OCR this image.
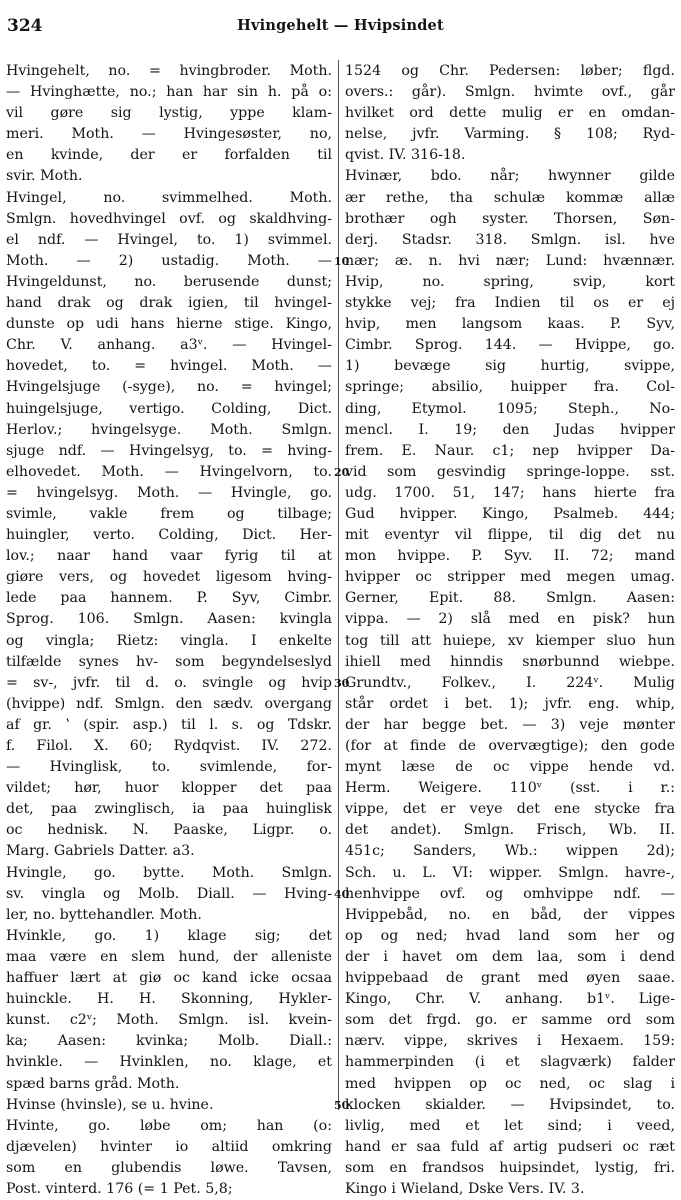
324	Hvingehelt — Hvipsindet
Hvingehelt, no. = hvingbroder. Moth.
— Hvinghætte, no.; han har sin h. på o:
vil gøre sig lystig, yppe klam-
meri. Moth. — Hvingesøster, no,
en kvinde, der er forfalden til
svir. Moth.
Hvingel, no. svimmelhed. Moth.
Smlgn. hovedhvingel ovf. og skaldhving-
el ndf. — Hvingel, to. 1) svimmel.
Moth. — 2) ustadig. Moth. —
Hvingeldunst, no. berusende dunst;
hand drak og drak igien, til hvingel-
dunste op udi hans hierne stige. Kingo,
Chr. V. anhang. a3ᵛ. — Hvingel-
hovedet, to. = hvingel. Moth. —
Hvingelsjuge (-syge), no. = hvingel;
huingelsjuge, vertigo. Colding, Dict.
Herlov.; hvingelsyge. Moth. Smlgn.
sjuge ndf. — Hvingelsyg, to. = hving-
elhovedet. Moth. — Hvingelvorn, to.
= hvingelsyg. Moth. — Hvingle, go.
svimle, vakle frem og tilbage;
huingler, verto. Colding, Dict. Her-
lov.; naar hand vaar fyrig til at
giøre vers, og hovedet ligesom hving-
lede paa hannem. P. Syv, Cimbr.
Sprog. 106. Smlgn. Aasen: kvingla
og vingla; Rietz: vingla. I enkelte
tilfælde synes hv- som begyndelseslyd
= sv-, jvfr. til d. o. svingle og hvip
(hvippe) ndf. Smlgn. den sædv. overgang
af gr. ʽ (spir. asp.) til l. s. og Tdskr.
f. Filol. X. 60; Rydqvist. IV. 272.
— Hvinglisk, to. svimlende, for-
vildet; hør, huor klopper det paa
det, paa zwinglisch, ia paa huinglisk
oc hednisk. N. Paaske, Ligpr. o.
Marg. Gabriels Datter. a3.
Hvingle, go. bytte. Moth. Smlgn.
sv. vingla og Molb. Diall. — Hving-
ler, no. byttehandler. Moth.
Hvinkle, go. 1) klage sig; det
maa være en slem hund, der alleniste
haffuer lært at giø oc kand icke ocsaa
huinckle. H. H. Skonning, Hykler-
kunst. c2ᵛ; Moth. Smlgn. isl. kvein-
ka; Aasen: kvinka; Molb. Diall.:
hvinkle. — Hvinklen, no. klage, et
spæd barns gråd. Moth.
Hvinse (hvinsle), se u. hvine.
Hvinte, go. løbe om; han (o:
djævelen) hvinter io altiid omkring
som en glubendis løwe. Tavsen,
Post. vinterd. 176 (= 1 Pet. 5,8;
1524 og Chr. Pedersen: løber; flgd.
overs.: går). Smlgn. hvimte ovf., går
hvilket ord dette mulig er en omdan-
nelse, jvfr. Varming. § 108; Ryd-
qvist. IV. 316-18.
Hvinær, bdo. når; hwynner gilde
ær rethe, tha schulæ kommæ allæ
brothær ogh syster. Thorsen, Søn-
derj. Stadsr. 318. Smlgn. isl. hve
nær; æ. n. hvi nær; Lund: hvænnær.
Hvip, no. spring, svip, kort
stykke vej; fra Indien til os er ej
hvip, men langsom kaas. P. Syv,
Cimbr. Sprog. 144. — Hvippe, go.
1) bevæge sig hurtig, svippe,
springe; absilio, huipper fra. Col-
ding, Etymol. 1095; Steph., No-
mencl. I. 19; den Judas hvipper
frem. E. Naur. c1; nep hvipper Da-
vid som gesvindig springe-loppe. sst.
udg. 1700. 51, 147; hans hierte fra
Gud hvipper. Kingo, Psalmeb. 444;
mit eventyr vil flippe, til dig det nu
mon hvippe. P. Syv. II. 72; mand
hvipper oc stripper med megen umag.
Gerner, Epit. 88. Smlgn. Aasen:
vippa. — 2) slå med en pisk? hun
tog till att huiepe, xv kiemper sluo hun
ihiell med hinndis snørbunnd wiebpe.
Grundtv., Folkev., I. 224ᵛ. Mulig
står ordet i bet. 1); jvfr. eng. whip,
der har begge bet. — 3) veje mønter
(for at finde de overvægtige); den gode
mynt læse de oc vippe hende vd.
Herm. Weigere. 110ᵛ (sst. i r.:
vippe, det er veye det ene stycke fra
det andet). Smlgn. Frisch, Wb. II.
451c; Sanders, Wb.: wippen 2d);
Sch. u. L. VI: wipper. Smlgn. havre-,
henhvippe ovf. og omhvippe ndf. —
Hvippebåd, no. en båd, der vippes
op og ned; hvad land som her og
der i havet om dem laa, som i dend
hvippebaad de grant med øyen saae.
Kingo, Chr. V. anhang. b1ᵛ. Lige-
som det frgd. go. er samme ord som
nærv. vippe, skrives i Hexaem. 159:
hammerpinden (i et slagværk) falder
med hvippen op oc ned, oc slag i
klocken skialder. — Hvipsindet, to.
livlig, med et let sind; i veed,
hand er saa fuld af artig pudseri oc ræt
som en frandsos huipsindet, lystig, fri.
Kingo i Wieland, Dske Vers. IV. 3.
10
20
30
40
50
